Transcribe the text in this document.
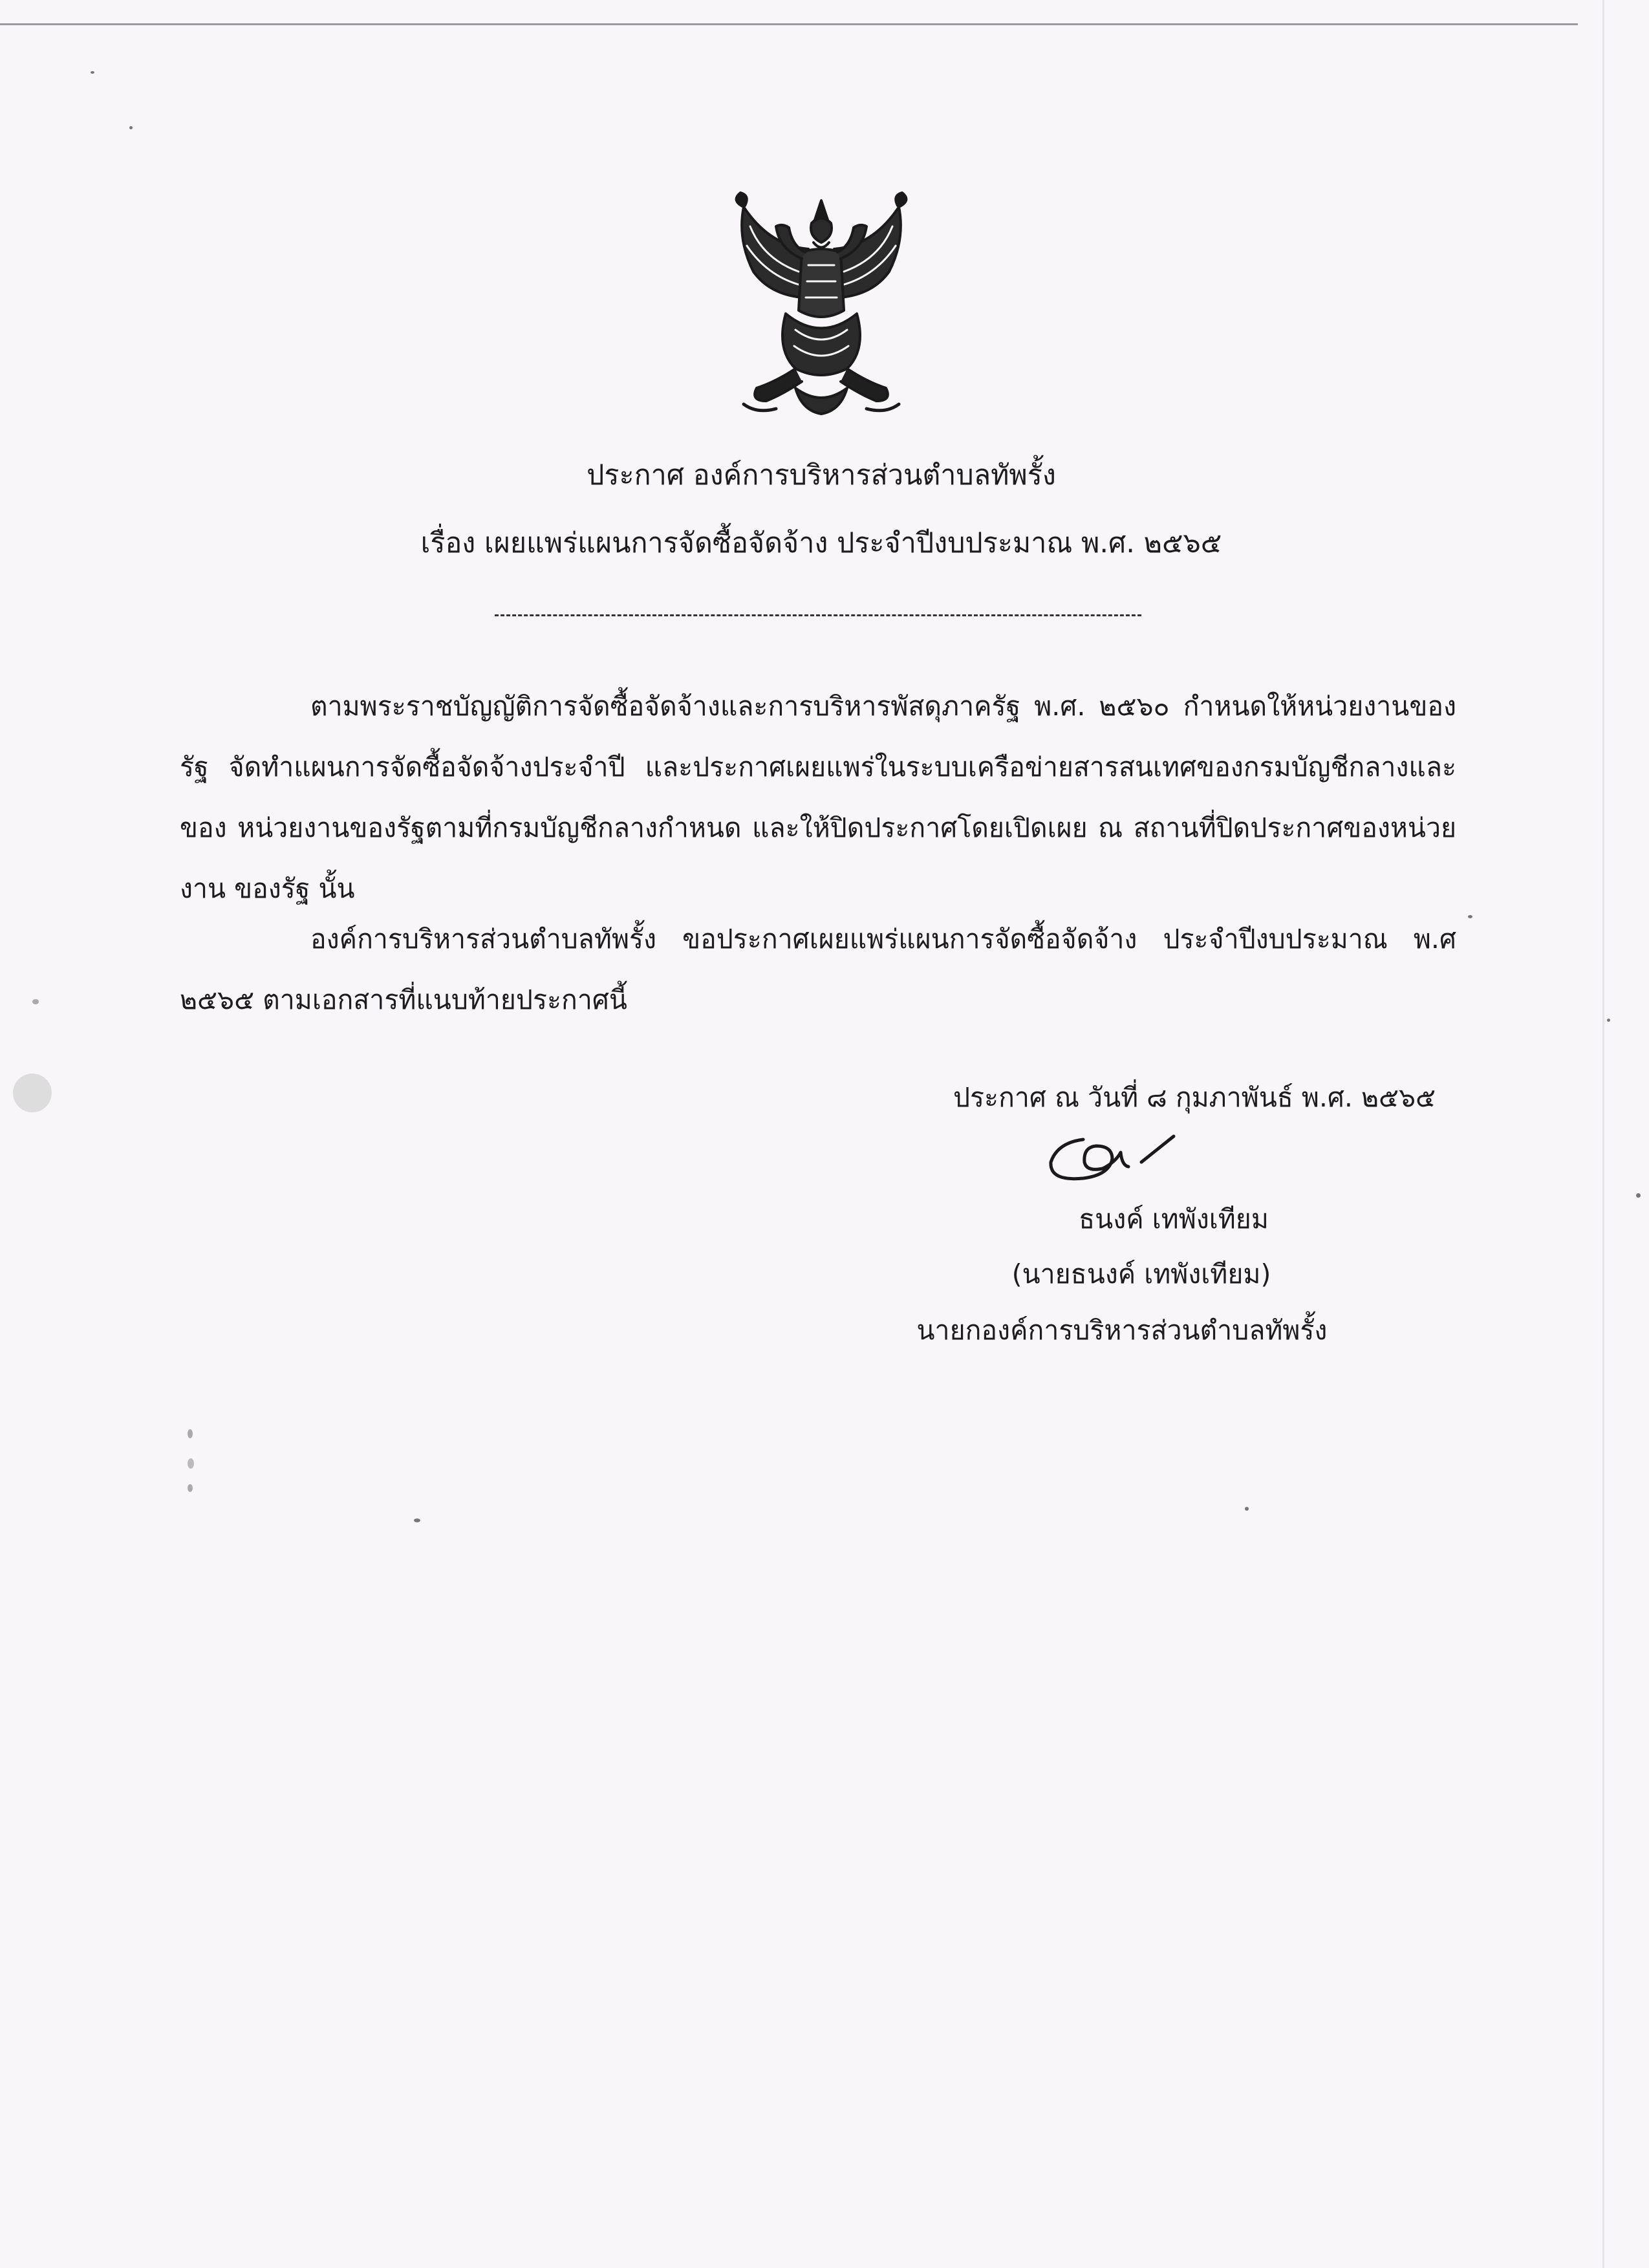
ประกาศ องค์การบริหารส่วนตำบลทัพรั้ง
เรื่อง เผยแพร่แผนการจัดซื้อจัดจ้าง ประจำปีงบประมาณ พ.ศ. ๒๕๖๕
ตามพระราชบัญญัติการจัดซื้อจัดจ้างและการบริหารพัสดุภาครัฐ พ.ศ. ๒๕๖๐ กำหนดให้หน่วยงานของรัฐ จัดทำแผนการจัดซื้อจัดจ้างประจำปี และประกาศเผยแพร่ในระบบเครือข่ายสารสนเทศของกรมบัญชีกลางและของ หน่วยงานของรัฐตามที่กรมบัญชีกลางกำหนด และให้ปิดประกาศโดยเปิดเผย ณ สถานที่ปิดประกาศของหน่วยงาน ของรัฐ นั้น
องค์การบริหารส่วนตำบลทัพรั้ง ขอประกาศเผยแพร่แผนการจัดซื้อจัดจ้าง ประจำปีงบประมาณ พ.ศ ๒๕๖๕ ตามเอกสารที่แนบท้ายประกาศนี้
ประกาศ ณ วันที่ ๘ กุมภาพันธ์ พ.ศ. ๒๕๖๕
ธนงค์ เทพังเทียม
(นายธนงค์ เทพังเทียม)
นายกองค์การบริหารส่วนตำบลทัพรั้ง
